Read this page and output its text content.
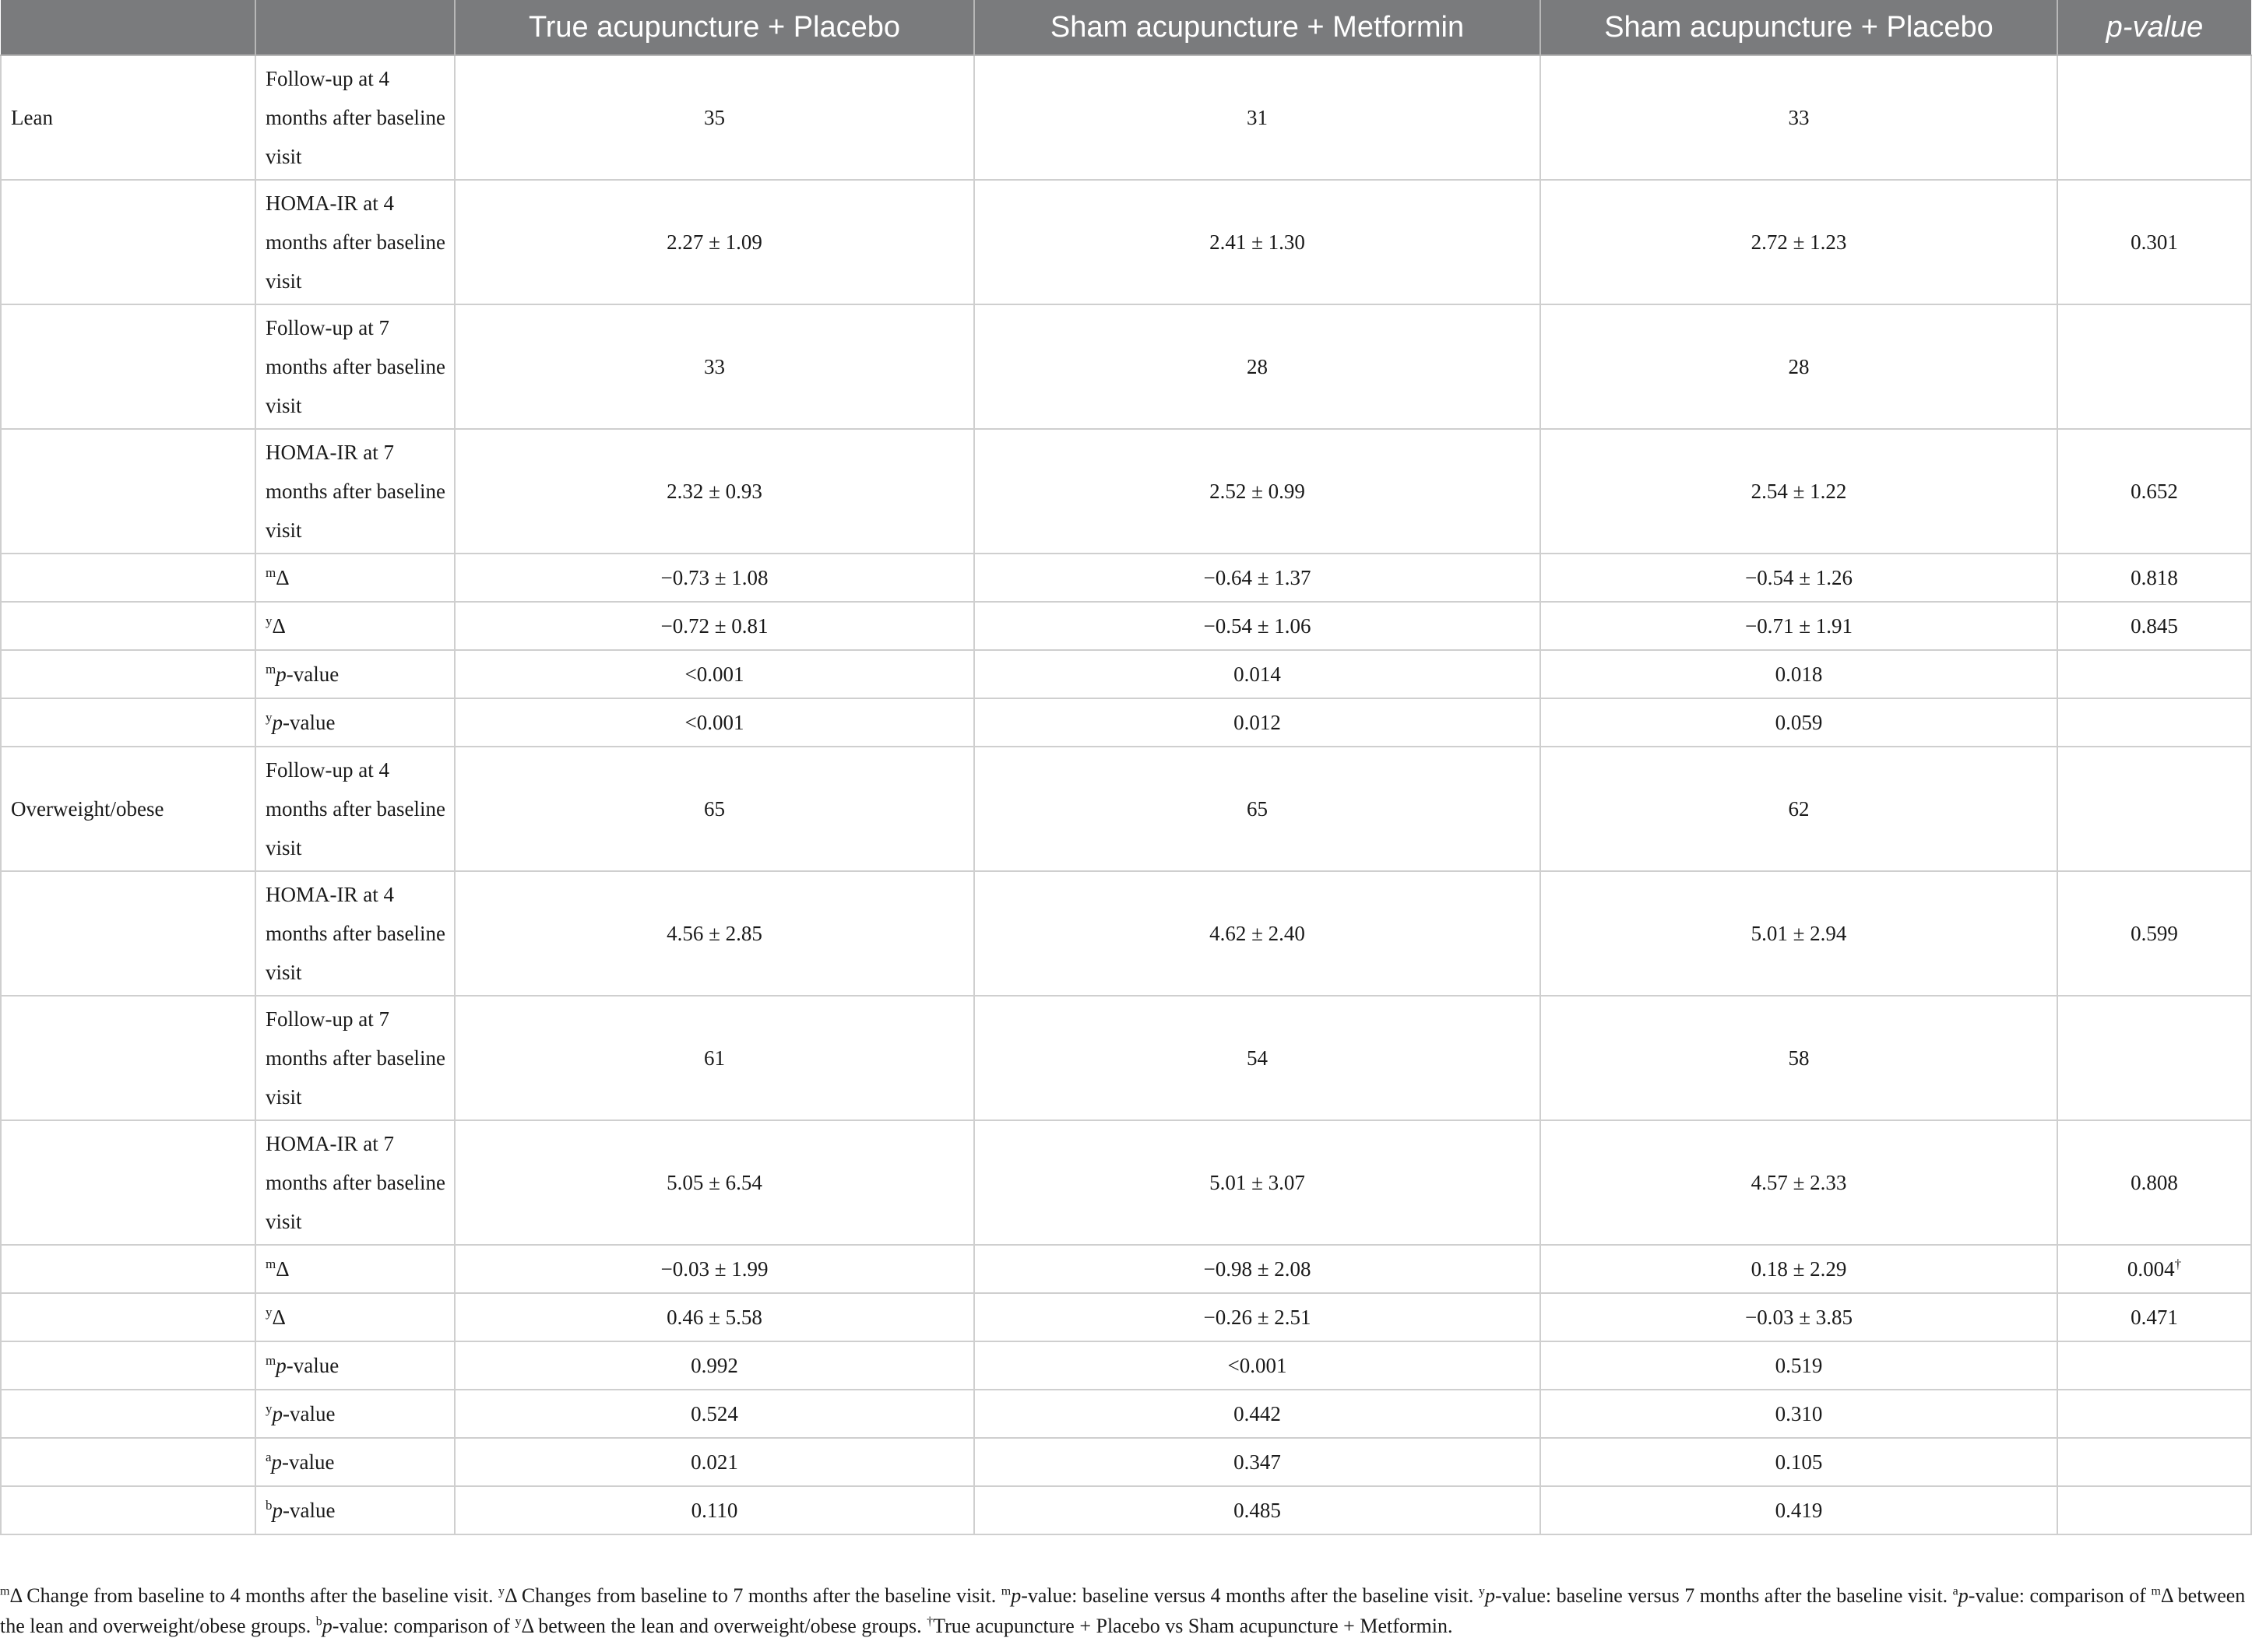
		True acupuncture + Placebo	Sham acupuncture + Metformin	Sham acupuncture + Placebo	p-value
Lean	Follow-up at 4 months after baseline visit	35	31	33	
	HOMA-IR at 4 months after baseline visit	2.27 ± 1.09	2.41 ± 1.30	2.72 ± 1.23	0.301
	Follow-up at 7 months after baseline visit	33	28	28	
	HOMA-IR at 7 months after baseline visit	2.32 ± 0.93	2.52 ± 0.99	2.54 ± 1.22	0.652
	$^m$Δ	−0.73 ± 1.08	−0.64 ± 1.37	−0.54 ± 1.26	0.818
	$^y$Δ	−0.72 ± 0.81	−0.54 ± 1.06	−0.71 ± 1.91	0.845
	$^m$p-value	<0.001	0.014	0.018	
	$^y$p-value	<0.001	0.012	0.059	
Overweight/obese	Follow-up at 4 months after baseline visit	65	65	62	
	HOMA-IR at 4 months after baseline visit	4.56 ± 2.85	4.62 ± 2.40	5.01 ± 2.94	0.599
	Follow-up at 7 months after baseline visit	61	54	58	
	HOMA-IR at 7 months after baseline visit	5.05 ± 6.54	5.01 ± 3.07	4.57 ± 2.33	0.808
	$^m$Δ	−0.03 ± 1.99	−0.98 ± 2.08	0.18 ± 2.29	0.004†
	$^y$Δ	0.46 ± 5.58	−0.26 ± 2.51	−0.03 ± 3.85	0.471
	$^m$p-value	0.992	<0.001	0.519	
	$^y$p-value	0.524	0.442	0.310	
	$^a$p-value	0.021	0.347	0.105	
	$^b$p-value	0.110	0.485	0.419	
$^m$Δ Change from baseline to 4 months after the baseline visit. $^y$Δ Changes from baseline to 7 months after the baseline visit. $^m$p-value: baseline versus 4 months after the baseline visit. $^y$p-value: baseline versus 7 months after the baseline visit. $^a$p-value: comparison of $^m$Δ between the lean and overweight/obese groups. $^b$p-value: comparison of $^y$Δ between the lean and overweight/obese groups. †True acupuncture + Placebo vs Sham acupuncture + Metformin.
